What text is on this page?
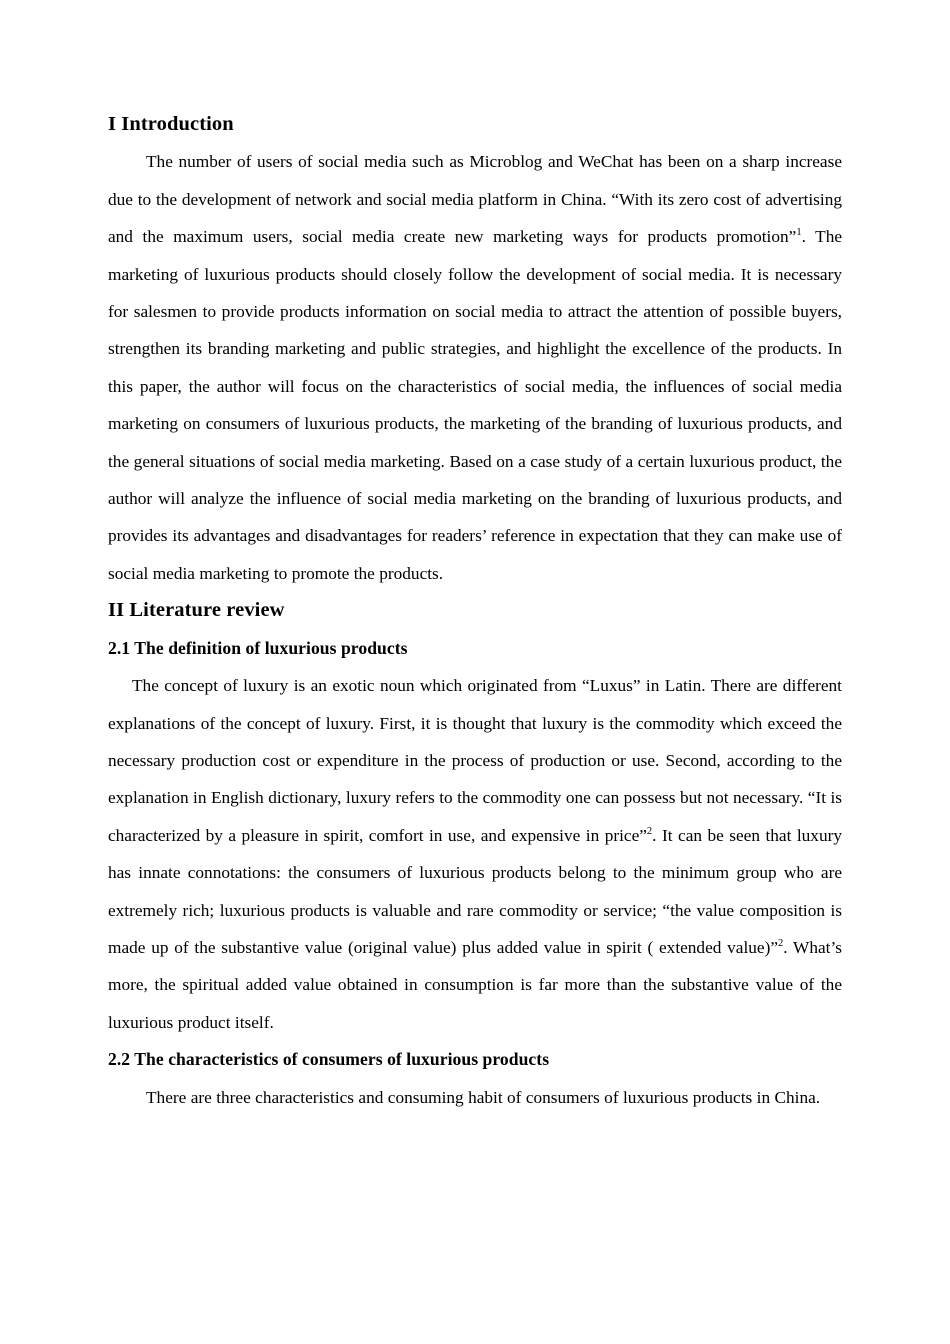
I Introduction

The number of users of social media such as Microblog and WeChat has been on a sharp increase due to the development of network and social media platform in China. “With its zero cost of advertising and the maximum users, social media create new marketing ways for products promotion”$^1$. The marketing of luxurious products should closely follow the development of social media. It is necessary for salesmen to provide products information on social media to attract the attention of possible buyers, strengthen its branding marketing and public strategies, and highlight the excellence of the products. In this paper, the author will focus on the characteristics of social media, the influences of social media marketing on consumers of luxurious products, the marketing of the branding of luxurious products, and the general situations of social media marketing. Based on a case study of a certain luxurious product, the author will analyze the influence of social media marketing on the branding of luxurious products, and provides its advantages and disadvantages for readers’ reference in expectation that they can make use of social media marketing to promote the products.

II Literature review
2.1 The definition of luxurious products

The concept of luxury is an exotic noun which originated from “Luxus” in Latin. There are different explanations of the concept of luxury. First, it is thought that luxury is the commodity which exceed the necessary production cost or expenditure in the process of production or use. Second, according to the explanation in English dictionary, luxury refers to the commodity one can possess but not necessary. “It is characterized by a pleasure in spirit, comfort in use, and expensive in price”$^2$. It can be seen that luxury has innate connotations: the consumers of luxurious products belong to the minimum group who are extremely rich; luxurious products is valuable and rare commodity or service; “the value composition is made up of the substantive value (original value) plus added value in spirit ( extended value)”$^2$. What’s more, the spiritual added value obtained in consumption is far more than the substantive value of the luxurious product itself.

2.2 The characteristics of consumers of luxurious products

There are three characteristics and consuming habit of consumers of luxurious products in China.
